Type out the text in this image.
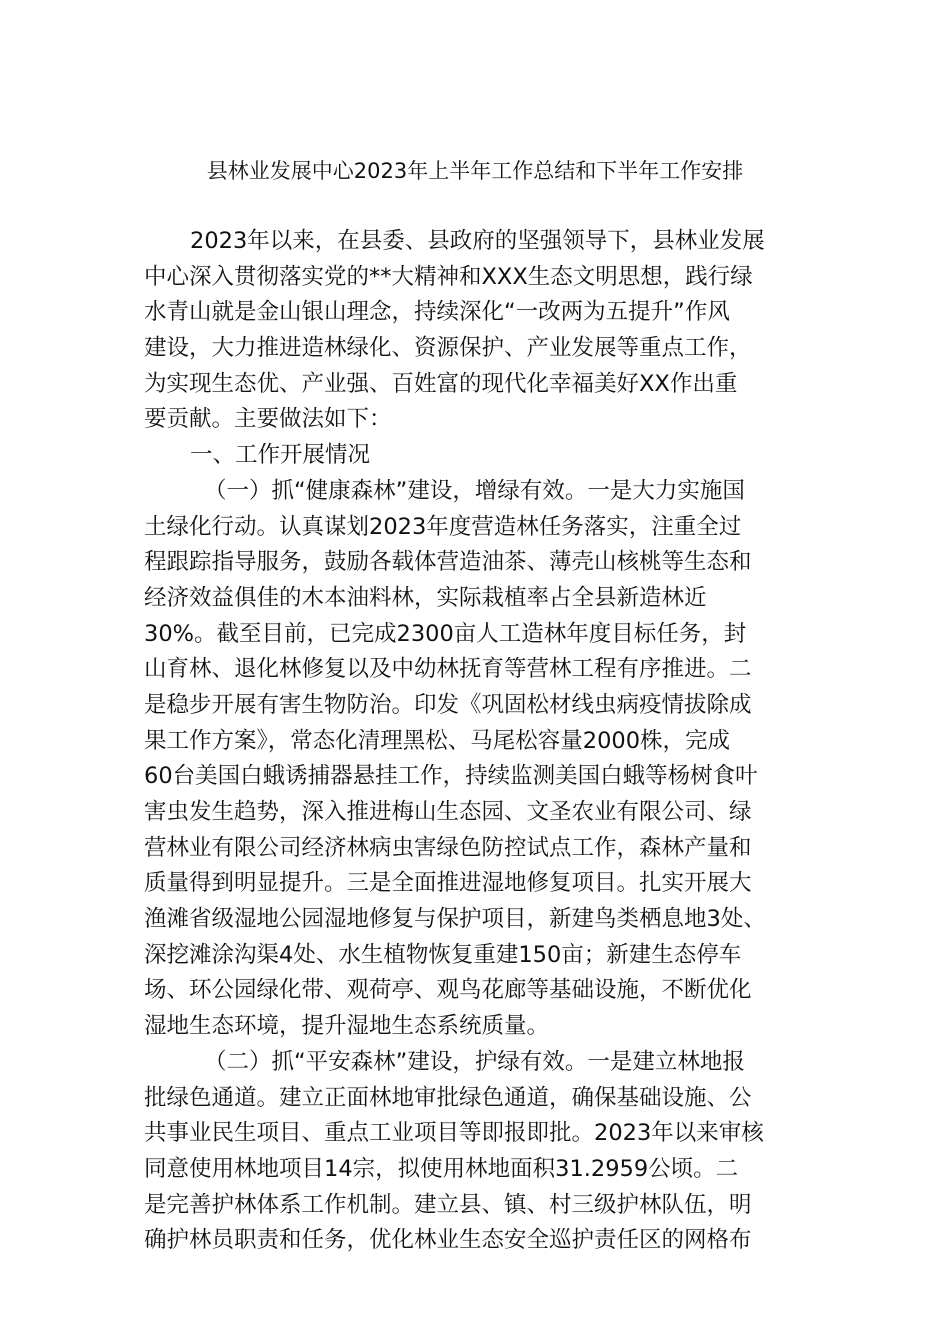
县林业发展中心2023年上半年工作总结和下半年工作安排
2023年以来，在县委、县政府的坚强领导下，县林业发展
中心深入贯彻落实党的**大精神和XXX生态文明思想，践行绿
水青山就是金山银山理念，持续深化“一改两为五提升”作风
建设，大力推进造林绿化、资源保护、产业发展等重点工作，
为实现生态优、产业强、百姓富的现代化幸福美好XX作出重
要贡献。主要做法如下：
一、工作开展情况
（一）抓“健康森林”建设，增绿有效。一是大力实施国
土绿化行动。认真谋划2023年度营造林任务落实，注重全过
程跟踪指导服务，鼓励各载体营造油茶、薄壳山核桃等生态和
经济效益俱佳的木本油料林，实际栽植率占全县新造林近
30%。截至目前，已完成2300亩人工造林年度目标任务，封
山育林、退化林修复以及中幼林抚育等营林工程有序推进。二
是稳步开展有害生物防治。印发《巩固松材线虫病疫情拔除成
果工作方案》，常态化清理黑松、马尾松容量2000株，完成
60台美国白蛾诱捕器悬挂工作，持续监测美国白蛾等杨树食叶
害虫发生趋势，深入推进梅山生态园、文圣农业有限公司、绿
营林业有限公司经济林病虫害绿色防控试点工作，森林产量和
质量得到明显提升。三是全面推进湿地修复项目。扎实开展大
渔滩省级湿地公园湿地修复与保护项目，新建鸟类栖息地3处、
深挖滩涂沟渠4处、水生植物恢复重建150亩；新建生态停车
场、环公园绿化带、观荷亭、观鸟花廊等基础设施，不断优化
湿地生态环境，提升湿地生态系统质量。
（二）抓“平安森林”建设，护绿有效。一是建立林地报
批绿色通道。建立正面林地审批绿色通道，确保基础设施、公
共事业民生项目、重点工业项目等即报即批。2023年以来审核
同意使用林地项目14宗，拟使用林地面积31.2959公顷。二
是完善护林体系工作机制。建立县、镇、村三级护林队伍，明
确护林员职责和任务，优化林业生态安全巡护责任区的网格布
